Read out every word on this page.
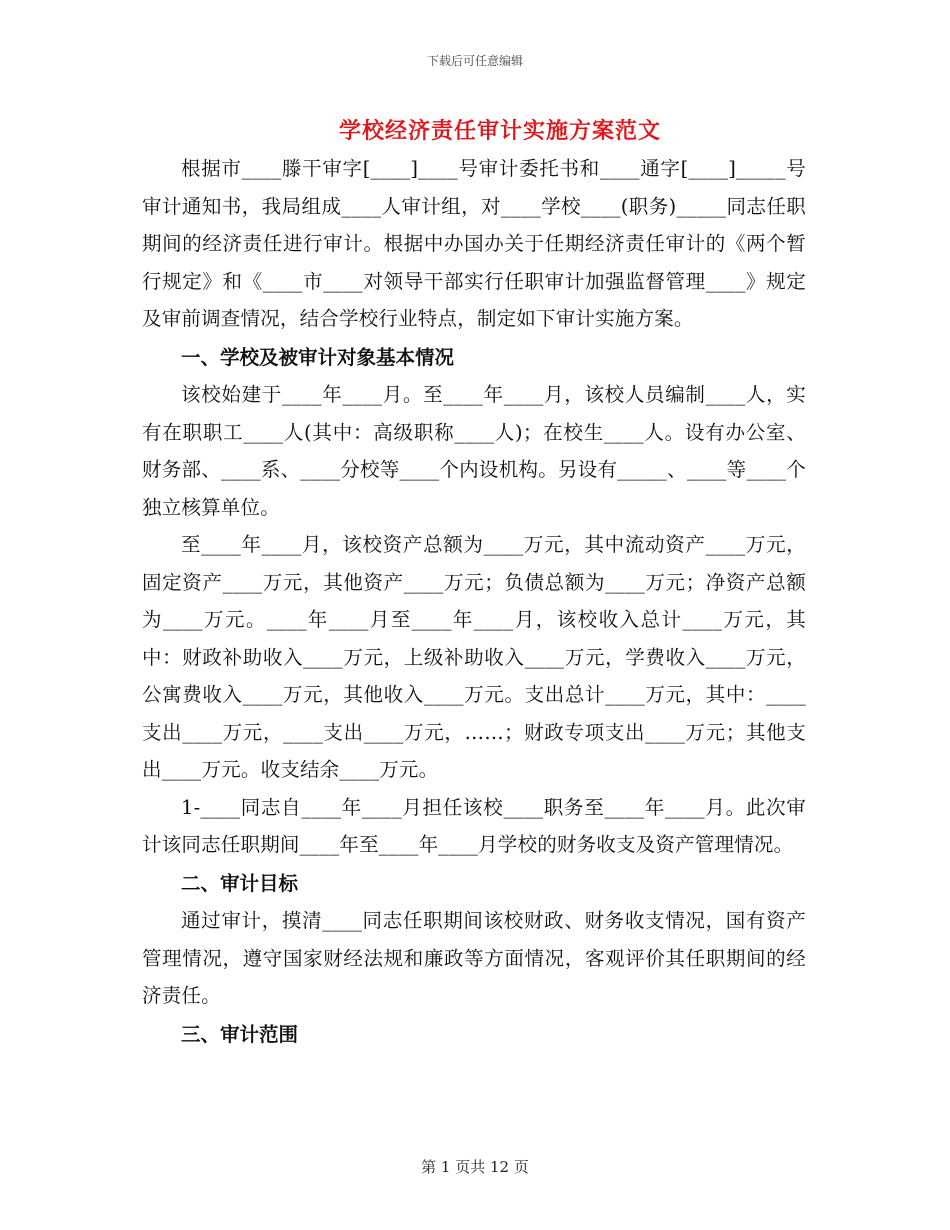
下载后可任意编辑
学校经济责任审计实施方案范文

根据市____滕干审字[____]____号审计委托书和____通字[____]_____号审计通知书，我局组成____人审计组，对____学校____(职务)_____同志任职期间的经济责任进行审计。根据中办国办关于任期经济责任审计的《两个暂行规定》和《____市____对领导干部实行任职审计加强监督管理____》规定及审前调查情况，结合学校行业特点，制定如下审计实施方案。

一、学校及被审计对象基本情况

该校始建于____年____月。至____年____月，该校人员编制____人，实有在职职工____人(其中：高级职称____人)；在校生____人。设有办公室、财务部、____系、____分校等____个内设机构。另设有_____、____等____个独立核算单位。

至____年____月，该校资产总额为____万元，其中流动资产____万元，固定资产____万元，其他资产____万元；负债总额为____万元；净资产总额为____万元。____年____月至____年____月，该校收入总计____万元，其中：财政补助收入____万元，上级补助收入____万元，学费收入____万元，公寓费收入____万元，其他收入____万元。支出总计____万元，其中：____支出____万元，____支出____万元，……；财政专项支出____万元；其他支出____万元。收支结余____万元。

1-____同志自____年____月担任该校____职务至____年____月。此次审计该同志任职期间____年至____年____月学校的财务收支及资产管理情况。

二、审计目标

通过审计，摸清____同志任职期间该校财政、财务收支情况，国有资产管理情况，遵守国家财经法规和廉政等方面情况，客观评价其任职期间的经济责任。

三、审计范围

第 1 页共 12 页
